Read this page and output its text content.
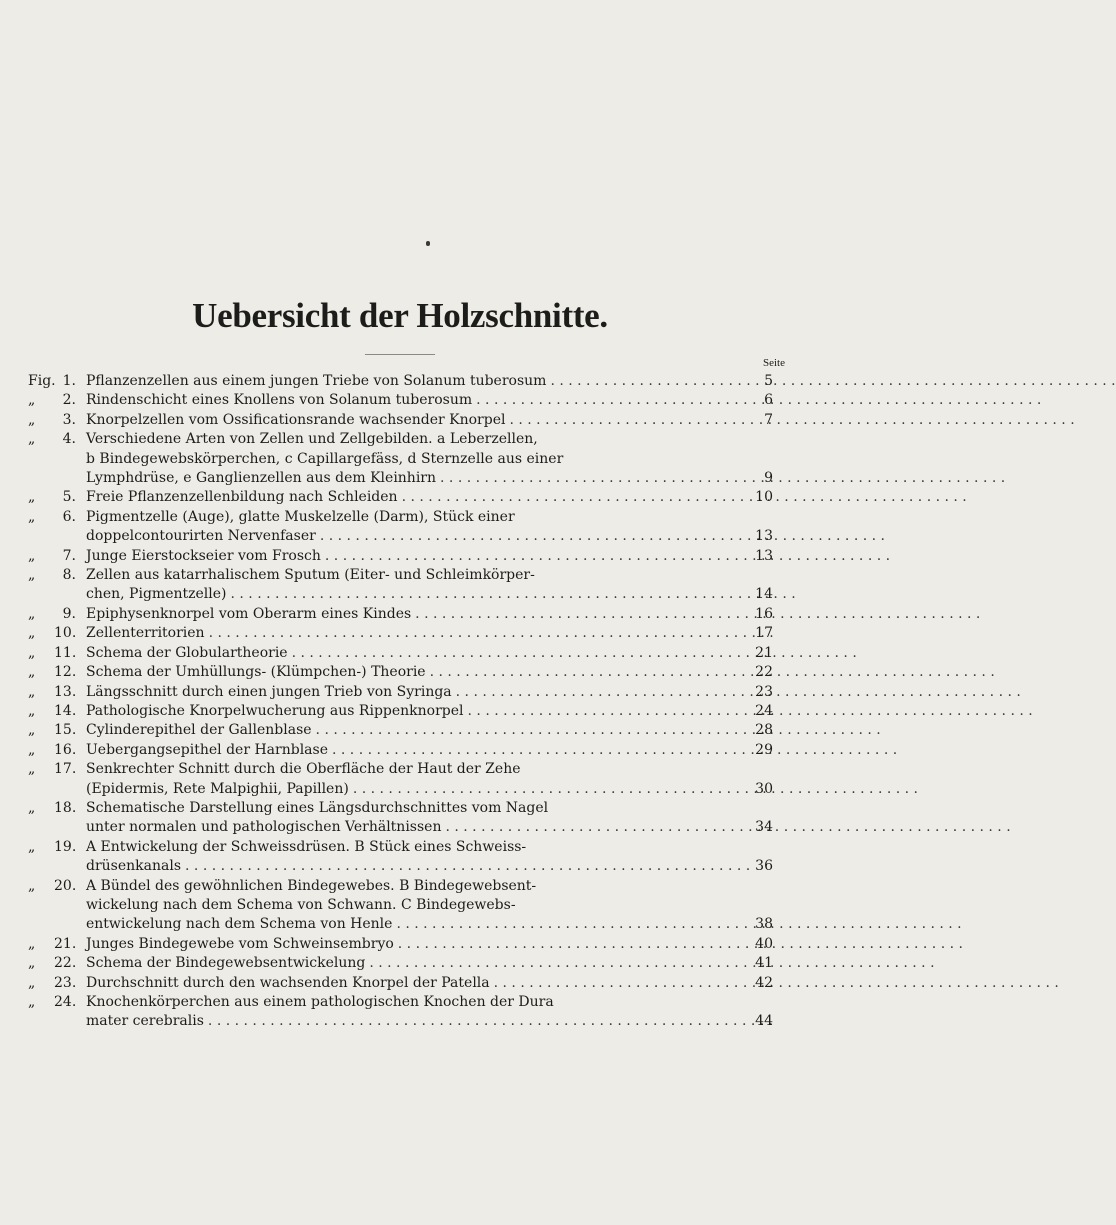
Uebersicht der Holzschnitte.
Seite
Fig. 1. Pflanzenzellen aus einem jungen Triebe von Solanum tuberosum . . .	5
„	2. Rindenschicht eines Knollens von Solanum tuberosum . . .	6
„	3. Knorpelzellen vom Ossificationsrande wachsender Knorpel . . .	7
„	4. Verschiedene Arten von Zellen und Zellgebilden. a Leberzellen,
b Bindegewebskörperchen, c Capillargefäss, d Sternzelle aus einer
Lymphdrüse, e Ganglienzellen aus dem Kleinhirn . . .	9
„	5. Freie Pflanzenzellenbildung nach Schleiden . . .	10
„	6. Pigmentzelle (Auge), glatte Muskelzelle (Darm), Stück einer
doppelcontourirten Nervenfaser . . .	13
„	7. Junge Eierstockseier vom Frosch . . .	13
„	8. Zellen aus katarrhalischem Sputum (Eiter- und Schleimkörper-
chen, Pigmentzelle) . . .	14
„	9. Epiphysenknorpel vom Oberarm eines Kindes . . .	16
„	10. Zellenterritorien . . .	17
„	11. Schema der Globulartheorie . . .	21
„	12. Schema der Umhüllungs- (Klümpchen-) Theorie . . .	22
„	13. Längsschnitt durch einen jungen Trieb von Syringa . . .	23
„	14. Pathologische Knorpelwucherung aus Rippenknorpel . . .	24
„	15. Cylinderepithel der Gallenblase . . .	28
„	16. Uebergangsepithel der Harnblase . . .	29
„	17. Senkrechter Schnitt durch die Oberfläche der Haut der Zehe
(Epidermis, Rete Malpighii, Papillen) . . .	30
„	18. Schematische Darstellung eines Längsdurchschnittes vom Nagel
unter normalen und pathologischen Verhältnissen . . .	34
„	19. A Entwickelung der Schweissdrüsen. B Stück eines Schweiss-
drüsenkanals . . .	36
„	20. A Bündel des gewöhnlichen Bindegewebes. B Bindegewebsent-
wickelung nach dem Schema von Schwann. C Bindegewebs-
entwickelung nach dem Schema von Henle . . .	38
„	21. Junges Bindegewebe vom Schweinsembryo . . .	40
„	22. Schema der Bindegewebsentwickelung . . .	41
„	23. Durchschnitt durch den wachsenden Knorpel der Patella . . .	42
„	24. Knochenkörperchen aus einem pathologischen Knochen der Dura
mater cerebralis . . .	44
